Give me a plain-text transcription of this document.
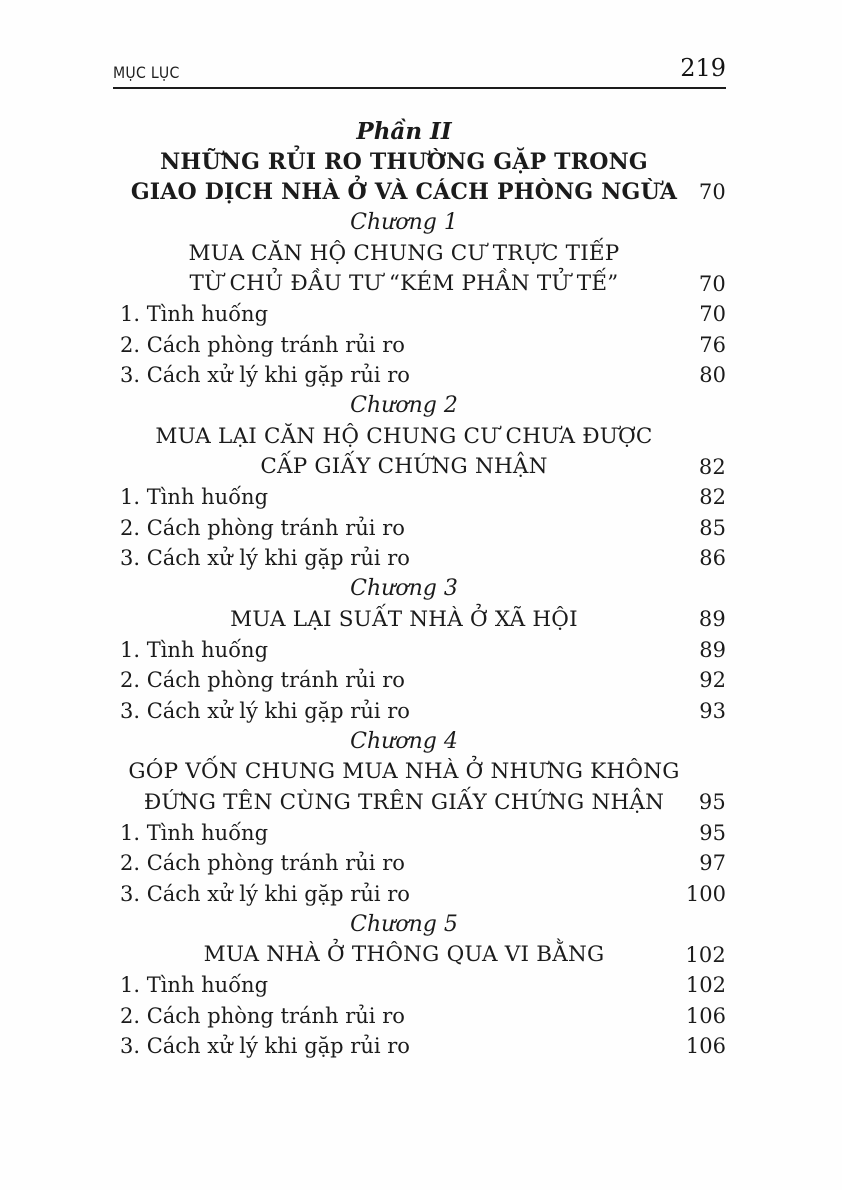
MỤC LỤC	219
Phần II
NHỮNG RỦI RO THƯỜNG GẶP TRONG
GIAO DỊCH NHÀ Ở VÀ CÁCH PHÒNG NGỪA	70
Chương 1
MUA CĂN HỘ CHUNG CƯ TRỰC TIẾP
TỪ CHỦ ĐẦU TƯ “KÉM PHẦN TỬ TẾ”	70
1. Tình huống	70
2. Cách phòng tránh rủi ro	76
3. Cách xử lý khi gặp rủi ro	80
Chương 2
MUA LẠI CĂN HỘ CHUNG CƯ CHƯA ĐƯỢC
CẤP GIẤY CHỨNG NHẬN	82
1. Tình huống	82
2. Cách phòng tránh rủi ro	85
3. Cách xử lý khi gặp rủi ro	86
Chương 3
MUA LẠI SUẤT NHÀ Ở XÃ HỘI	89
1. Tình huống	89
2. Cách phòng tránh rủi ro	92
3. Cách xử lý khi gặp rủi ro	93
Chương 4
GÓP VỐN CHUNG MUA NHÀ Ở NHƯNG KHÔNG
ĐỨNG TÊN CÙNG TRÊN GIẤY CHỨNG NHẬN	95
1. Tình huống	95
2. Cách phòng tránh rủi ro	97
3. Cách xử lý khi gặp rủi ro	100
Chương 5
MUA NHÀ Ở THÔNG QUA VI BẰNG	102
1. Tình huống	102
2. Cách phòng tránh rủi ro	106
3. Cách xử lý khi gặp rủi ro	106
